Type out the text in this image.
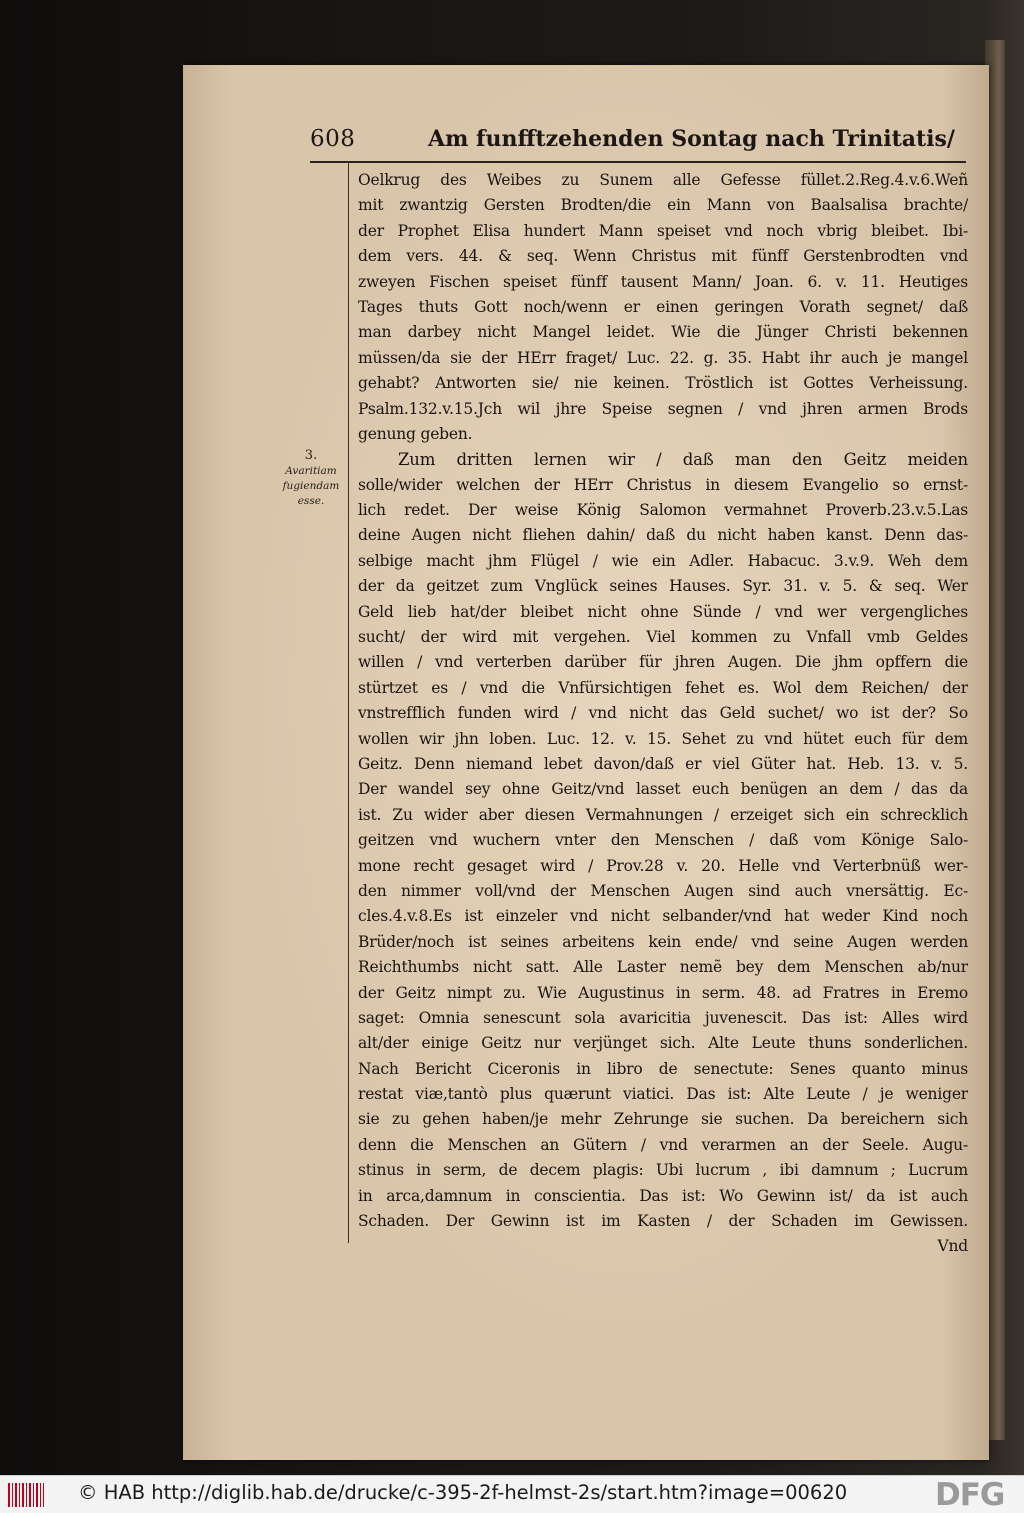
608	Am funfftzehenden Sontag nach Trinitatis/
3.
Avaritiam
fugiendam
esse.
Oelkrug des Weibes zu Sunem alle Gefesse füllet.2.Reg.4.v.6.Weñ
mit zwantzig Gersten Brodten/die ein Mann von Baalsalisa brachte/
der Prophet Elisa hundert Mann speiset vnd noch vbrig bleibet. Ibi-
dem vers. 44. & seq. Wenn Christus mit fünff Gerstenbrodten vnd
zweyen Fischen speiset fünff tausent Mann/ Joan. 6. v. 11. Heutiges
Tages thuts Gott noch/wenn er einen geringen Vorath segnet/ daß
man darbey nicht Mangel leidet. Wie die Jünger Christi bekennen
müssen/da sie der HErr fraget/ Luc. 22. g. 35. Habt ihr auch je mangel
gehabt? Antworten sie/ nie keinen. Tröstlich ist Gottes Verheissung.
Psalm.132.v.15.Jch wil jhre Speise segnen / vnd jhren armen Brods
genung geben.
Zum dritten lernen wir / daß man den Geitz meiden
solle/wider welchen der HErr Christus in diesem Evangelio so ernst-
lich redet. Der weise König Salomon vermahnet Proverb.23.v.5.Las
deine Augen nicht fliehen dahin/ daß du nicht haben kanst. Denn das-
selbige macht jhm Flügel / wie ein Adler. Habacuc. 3.v.9. Weh dem
der da geitzet zum Vnglück seines Hauses. Syr. 31. v. 5. & seq. Wer
Geld lieb hat/der bleibet nicht ohne Sünde / vnd wer vergengliches
sucht/ der wird mit vergehen. Viel kommen zu Vnfall vmb Geldes
willen / vnd verterben darüber für jhren Augen. Die jhm opffern die
stürtzet es / vnd die Vnfürsichtigen fehet es. Wol dem Reichen/ der
vnstrefflich funden wird / vnd nicht das Geld suchet/ wo ist der? So
wollen wir jhn loben. Luc. 12. v. 15. Sehet zu vnd hütet euch für dem
Geitz. Denn niemand lebet davon/daß er viel Güter hat. Heb. 13. v. 5.
Der wandel sey ohne Geitz/vnd lasset euch benügen an dem / das da
ist. Zu wider aber diesen Vermahnungen / erzeiget sich ein schrecklich
geitzen vnd wuchern vnter den Menschen / daß vom Könige Salo-
mone recht gesaget wird / Prov.28 v. 20. Helle vnd Verterbnüß wer-
den nimmer voll/vnd der Menschen Augen sind auch vnersättig. Ec-
cles.4.v.8.Es ist einzeler vnd nicht selbander/vnd hat weder Kind noch
Brüder/noch ist seines arbeitens kein ende/ vnd seine Augen werden
Reichthumbs nicht satt. Alle Laster nemẽ bey dem Menschen ab/nur
der Geitz nimpt zu. Wie Augustinus in serm. 48. ad Fratres in Eremo
saget: Omnia senescunt sola avaricitia juvenescit. Das ist: Alles wird
alt/der einige Geitz nur verjünget sich. Alte Leute thuns sonderlichen.
Nach Bericht Ciceronis in libro de senectute: Senes quanto minus
restat viæ,tantò plus quærunt viatici. Das ist: Alte Leute / je weniger
sie zu gehen haben/je mehr Zehrunge sie suchen. Da bereichern sich
denn die Menschen an Gütern / vnd verarmen an der Seele. Augu-
stinus in serm, de decem plagis: Ubi lucrum , ibi damnum ; Lucrum
in arca,damnum in conscientia. Das ist: Wo Gewinn ist/ da ist auch
Schaden. Der Gewinn ist im Kasten / der Schaden im Gewissen.
Vnd
© HAB http://diglib.hab.de/drucke/c-395-2f-helmst-2s/start.htm?image=00620	DFG
